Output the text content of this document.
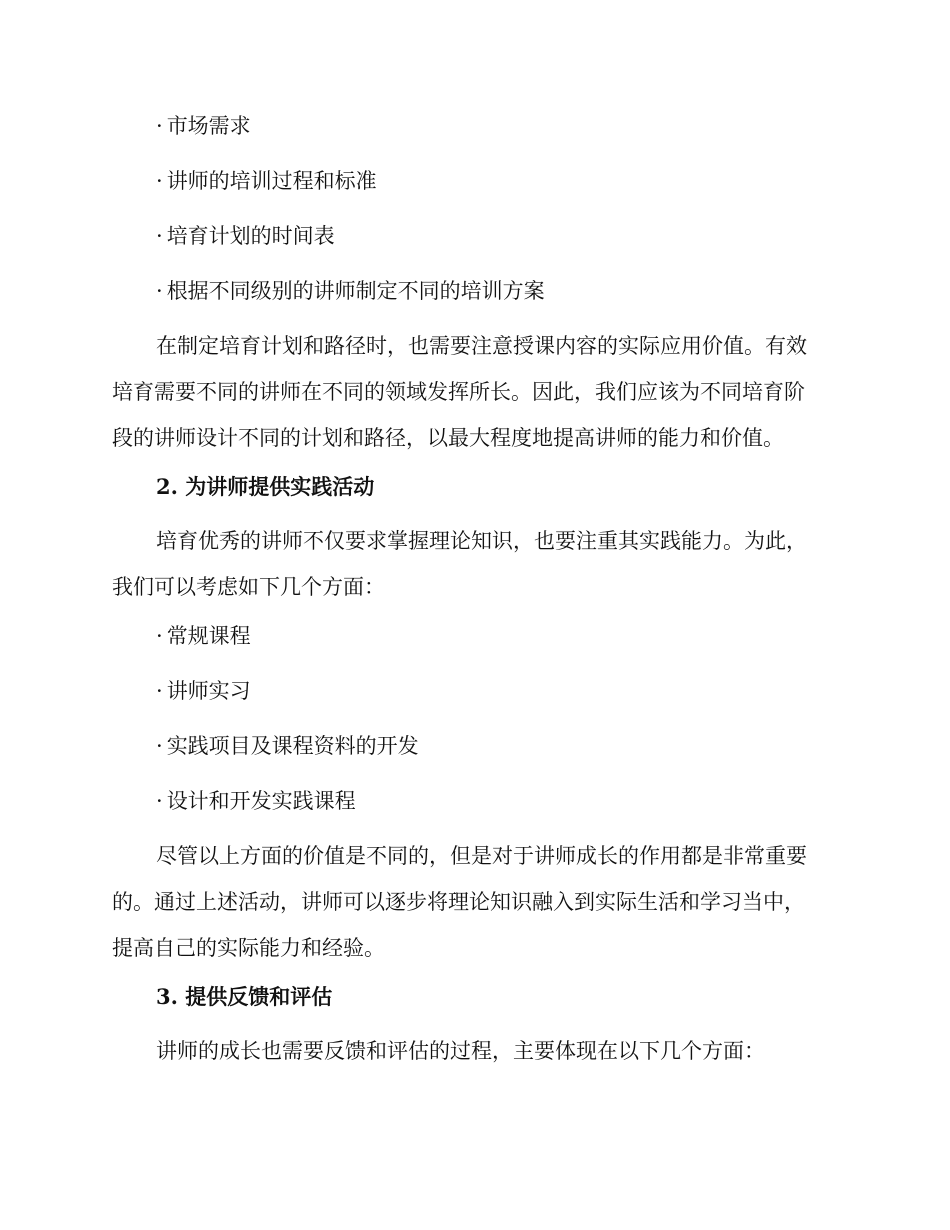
· 市场需求
· 讲师的培训过程和标准
· 培育计划的时间表
· 根据不同级别的讲师制定不同的培训方案
在制定培育计划和路径时，也需要注意授课内容的实际应用价值。有效
培育需要不同的讲师在不同的领域发挥所长。因此，我们应该为不同培育阶
段的讲师设计不同的计划和路径，以最大程度地提高讲师的能力和价值。
2. 为讲师提供实践活动
培育优秀的讲师不仅要求掌握理论知识，也要注重其实践能力。为此，
我们可以考虑如下几个方面：
· 常规课程
· 讲师实习
· 实践项目及课程资料的开发
· 设计和开发实践课程
尽管以上方面的价值是不同的，但是对于讲师成长的作用都是非常重要
的。通过上述活动，讲师可以逐步将理论知识融入到实际生活和学习当中，
提高自己的实际能力和经验。
3. 提供反馈和评估
讲师的成长也需要反馈和评估的过程，主要体现在以下几个方面：
